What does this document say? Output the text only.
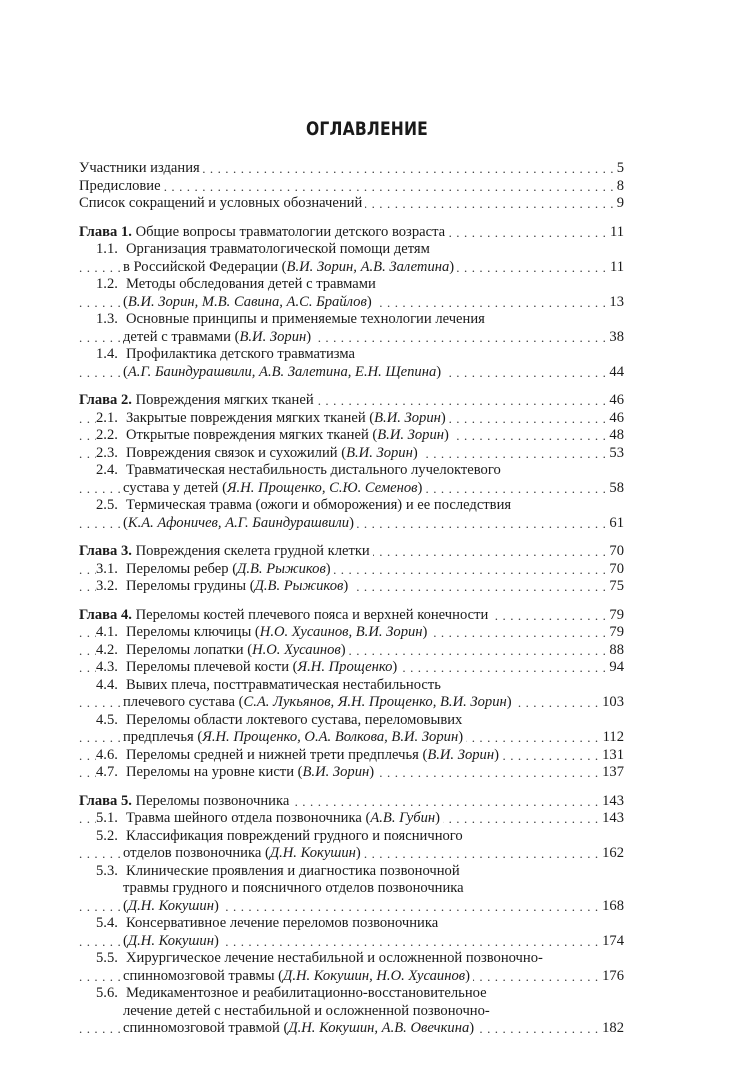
ОГЛАВЛЕНИЕ
. . . Участники издания	5
. . . Предисловие	8
. . . Список сокращений и условных обозначений	9
. . . Глава 1. Общие вопросы травматологии детского возраста	11
1.1. Организация травматологической помощи детям
. . . в Российской Федерации (В.И. Зорин, А.В. Залетина)	11
1.2. Методы обследования детей с травмами
. . . (В.И. Зорин, М.В. Савина, А.С. Брайлов)	13
1.3. Основные принципы и применяемые технологии лечения
. . . детей с травмами (В.И. Зорин)	38
1.4. Профилактика детского травматизма
. . . (А.Г. Баиндурашвили, А.В. Залетина, Е.Н. Щепина)	44
. . . Глава 2. Повреждения мягких тканей	46
. . . 2.1. Закрытые повреждения мягких тканей (В.И. Зорин)	46
. . . 2.2. Открытые повреждения мягких тканей (В.И. Зорин)	48
. . . 2.3. Повреждения связок и сухожилий (В.И. Зорин)	53
2.4. Травматическая нестабильность дистального лучелоктевого
. . . сустава у детей (Я.Н. Прощенко, С.Ю. Семенов)	58
2.5. Термическая травма (ожоги и обморожения) и ее последствия
. . . (К.А. Афоничев, А.Г. Баиндурашвили)	61
. . . Глава 3. Повреждения скелета грудной клетки	70
. . . 3.1. Переломы ребер (Д.В. Рыжиков)	70
. . . 3.2. Переломы грудины (Д.В. Рыжиков)	75
. . . Глава 4. Переломы костей плечевого пояса и верхней конечности	79
. . . 4.1. Переломы ключицы (Н.О. Хусаинов, В.И. Зорин)	79
. . . 4.2. Переломы лопатки (Н.О. Хусаинов)	88
. . . 4.3. Переломы плечевой кости (Я.Н. Прощенко)	94
4.4. Вывих плеча, посттравматическая нестабильность
. . . плечевого сустава (С.А. Лукьянов, Я.Н. Прощенко, В.И. Зорин)	103
4.5. Переломы области локтевого сустава, переломовывих
. . . предплечья (Я.Н. Прощенко, О.А. Волкова, В.И. Зорин)	112
. . . 4.6. Переломы средней и нижней трети предплечья (В.И. Зорин)	131
. . . 4.7. Переломы на уровне кисти (В.И. Зорин)	137
. . . Глава 5. Переломы позвоночника	143
. . . 5.1. Травма шейного отдела позвоночника (А.В. Губин)	143
5.2. Классификация повреждений грудного и поясничного
. . . отделов позвоночника (Д.Н. Кокушин)	162
5.3. Клинические проявления и диагностика позвоночной
травмы грудного и поясничного отделов позвоночника
. . . (Д.Н. Кокушин)	168
5.4. Консервативное лечение переломов позвоночника
. . . (Д.Н. Кокушин)	174
5.5. Хирургическое лечение нестабильной и осложненной позвоночно-
. . . спинномозговой травмы (Д.Н. Кокушин, Н.О. Хусаинов)	176
5.6. Медикаментозное и реабилитационно-восстановительное
лечение детей с нестабильной и осложненной позвоночно-
. . . спинномозговой травмой (Д.Н. Кокушин, А.В. Овечкина)	182
